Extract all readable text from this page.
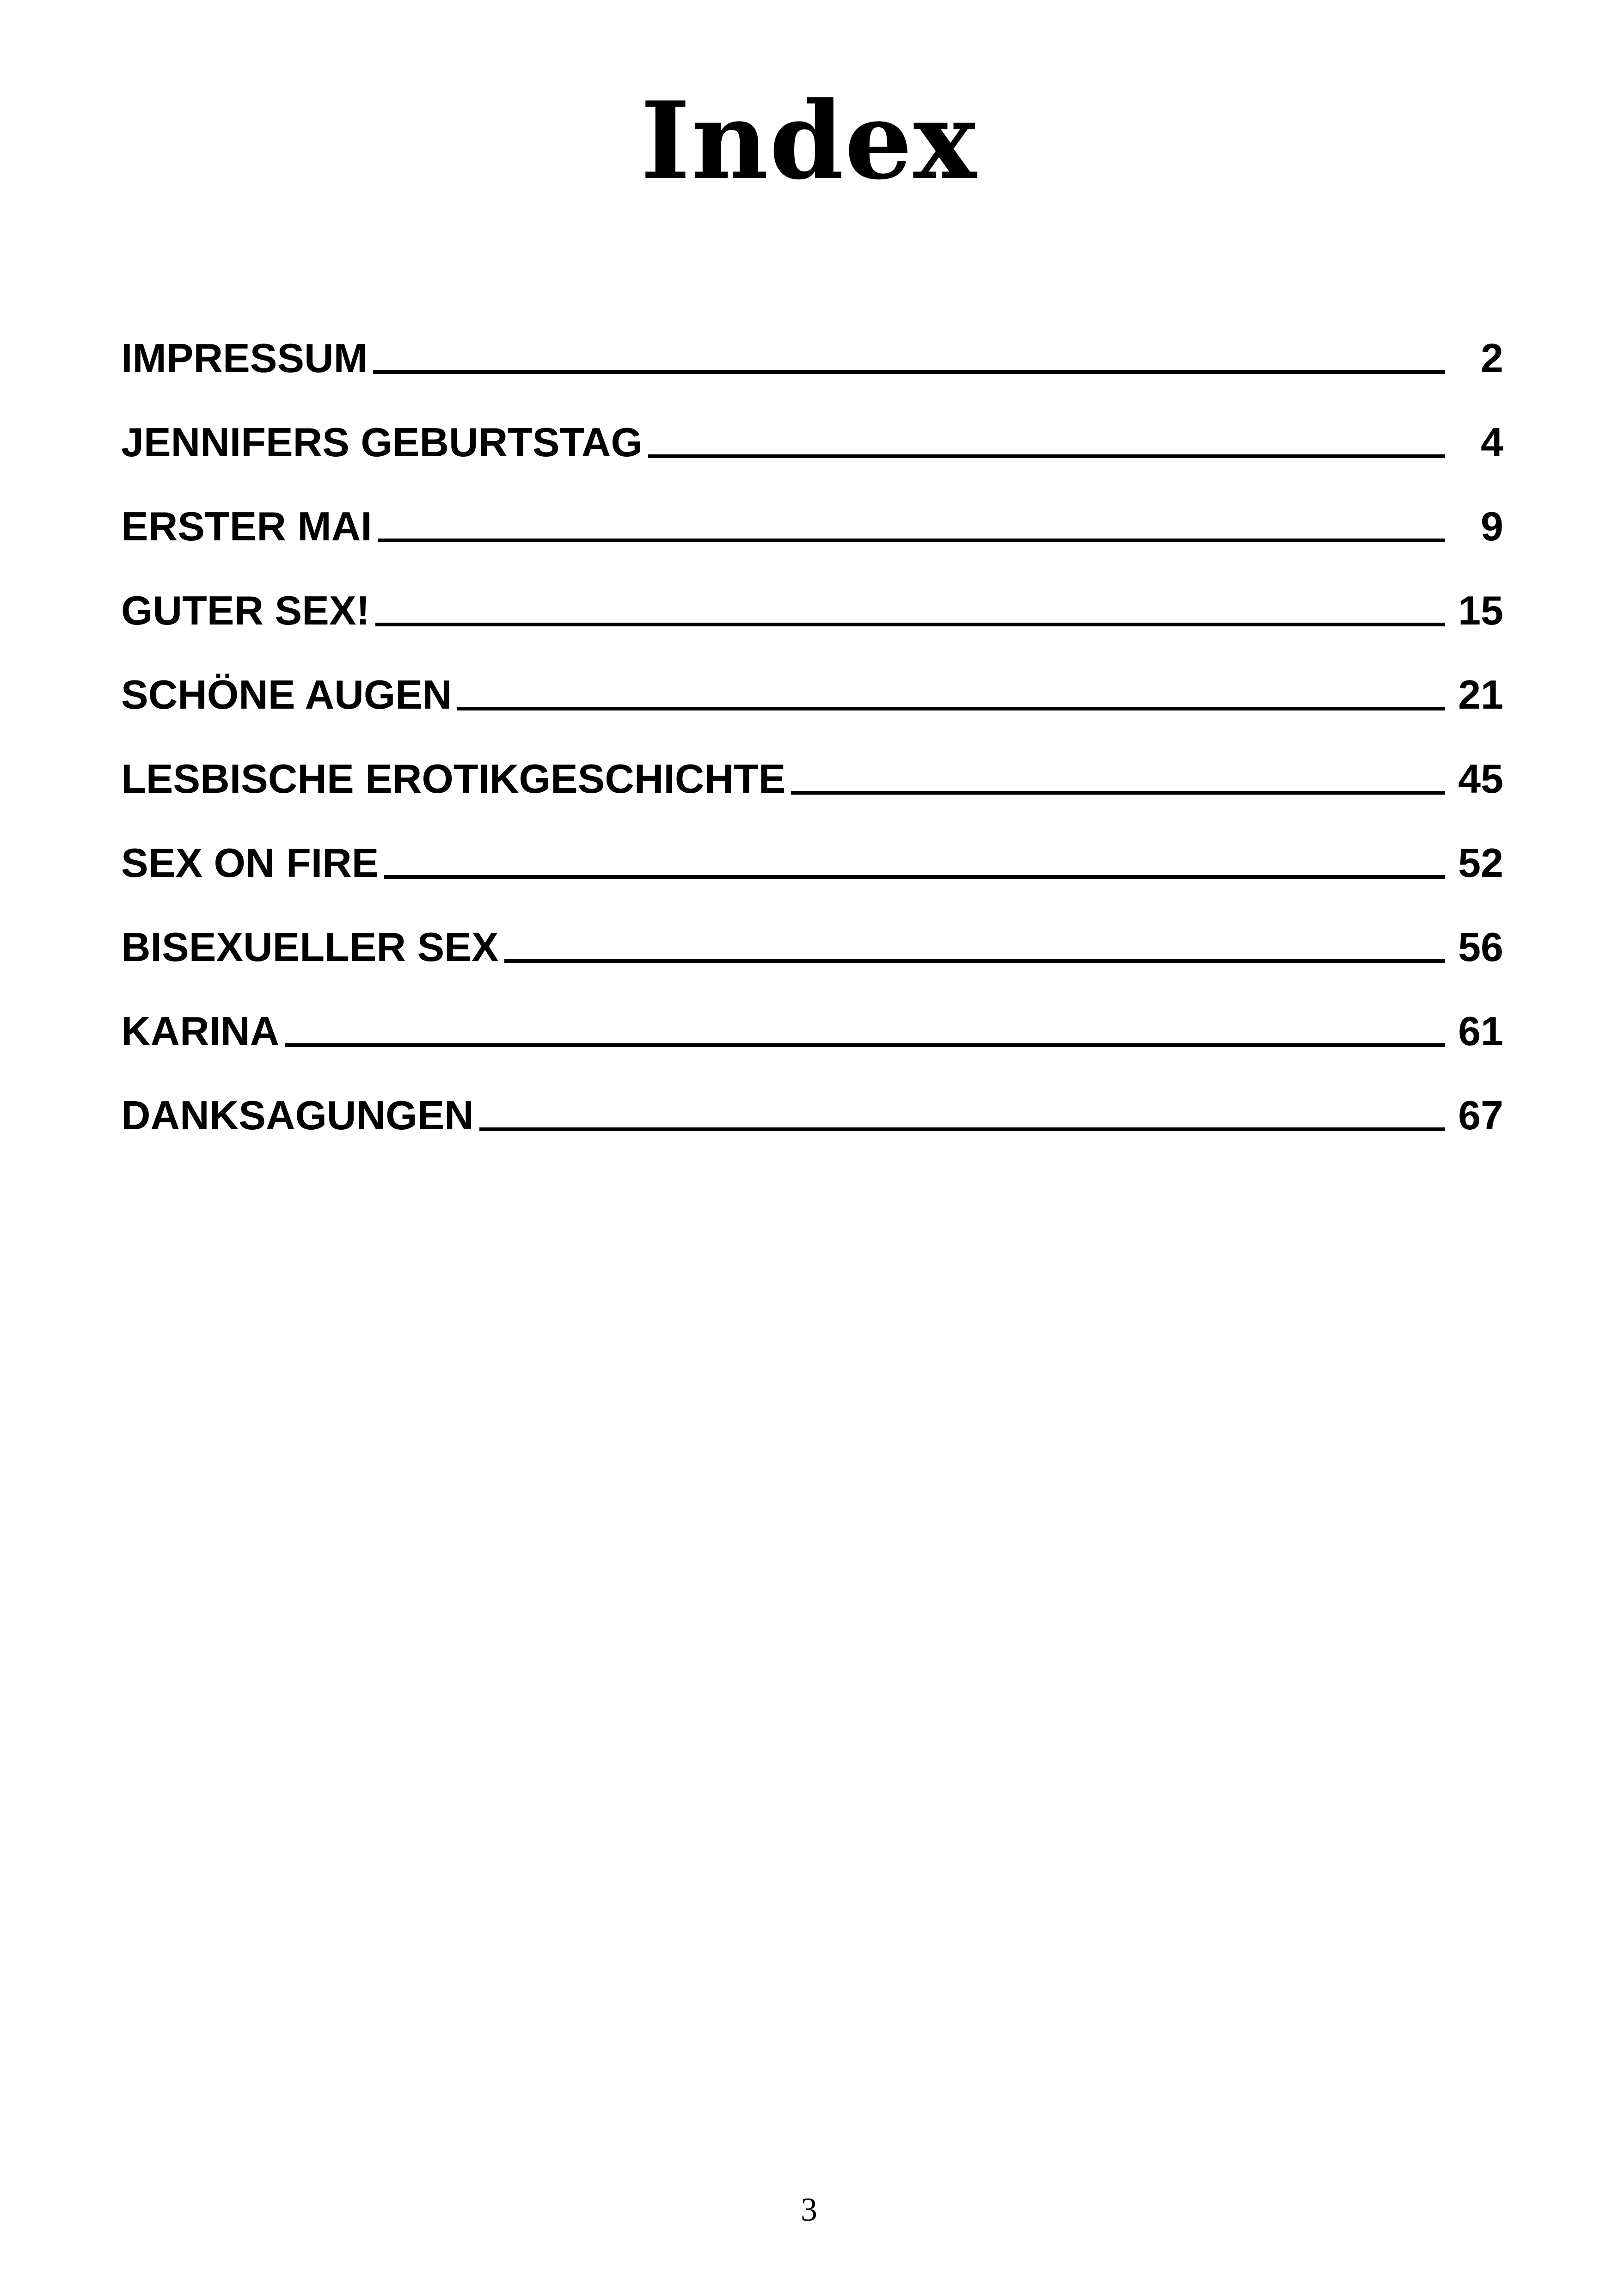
Index
IMPRESSUM	2
JENNIFERS GEBURTSTAG	4
ERSTER MAI	9
GUTER SEX!	15
SCHÖNE AUGEN	21
LESBISCHE EROTIKGESCHICHTE	45
SEX ON FIRE	52
BISEXUELLER SEX	56
KARINA	61
DANKSAGUNGEN	67
3
